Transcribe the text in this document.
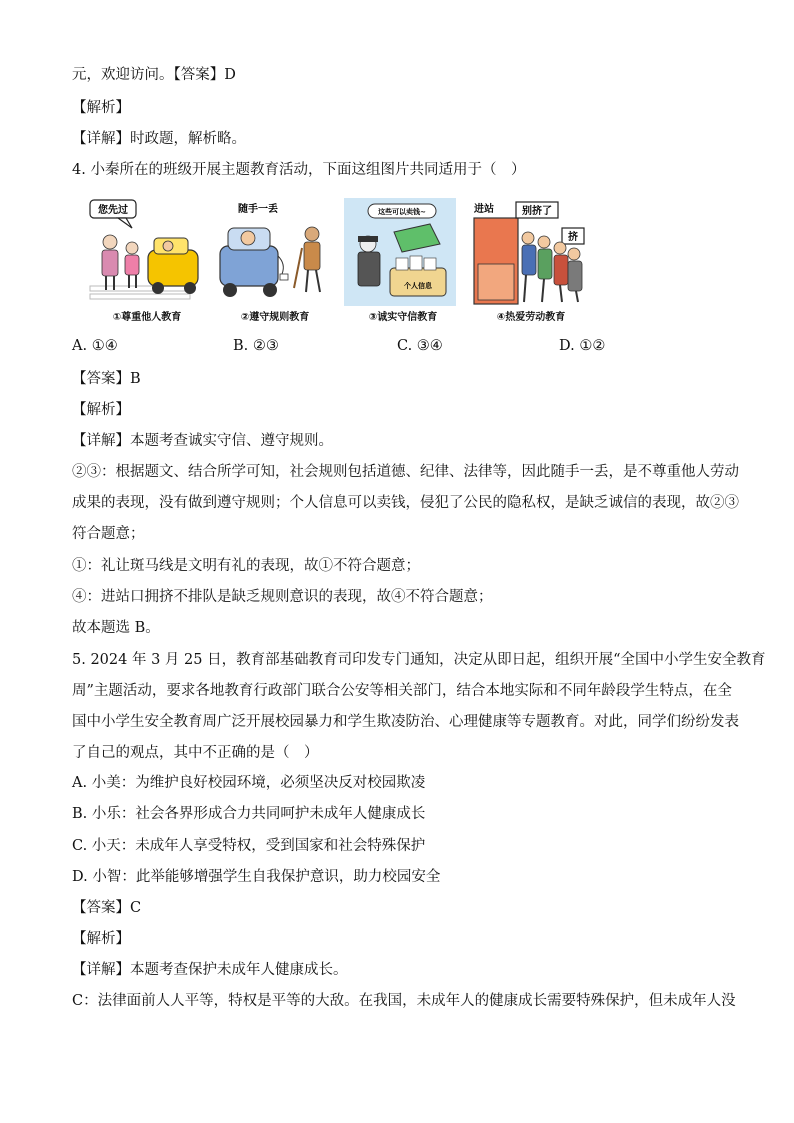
元，欢迎访问。【答案】D
【解析】
【详解】时政题，解析略。
4. 小秦所在的班级开展主题教育活动，下面这组图片共同适用于（　）
您先过
①尊重他人教育
随手一丢
②遵守规则教育
这些可以卖钱~
个人信息
③诚实守信教育
进站	别挤了
挤
④热爱劳动教育
A. ①④	B. ②③	C. ③④	D. ①②
【答案】B
【解析】
【详解】本题考查诚实守信、遵守规则。
②③：根据题文、结合所学可知，社会规则包括道德、纪律、法律等，因此随手一丢，是不尊重他人劳动
成果的表现，没有做到遵守规则；个人信息可以卖钱，侵犯了公民的隐私权，是缺乏诚信的表现，故②③
符合题意；
①：礼让斑马线是文明有礼的表现，故①不符合题意；
④：进站口拥挤不排队是缺乏规则意识的表现，故④不符合题意；
故本题选 B。
5. 2024 年 3 月 25 日，教育部基础教育司印发专门通知，决定从即日起，组织开展“全国中小学生安全教育
周”主题活动，要求各地教育行政部门联合公安等相关部门，结合本地实际和不同年龄段学生特点，在全
国中小学生安全教育周广泛开展校园暴力和学生欺凌防治、心理健康等专题教育。对此，同学们纷纷发表
了自己的观点，其中不正确的是（　）
A. 小美：为维护良好校园环境，必须坚决反对校园欺凌
B. 小乐：社会各界形成合力共同呵护未成年人健康成长
C. 小天：未成年人享受特权，受到国家和社会特殊保护
D. 小智：此举能够增强学生自我保护意识，助力校园安全
【答案】C
【解析】
【详解】本题考查保护未成年人健康成长。
C：法律面前人人平等，特权是平等的大敌。在我国，未成年人的健康成长需要特殊保护，但未成年人没
